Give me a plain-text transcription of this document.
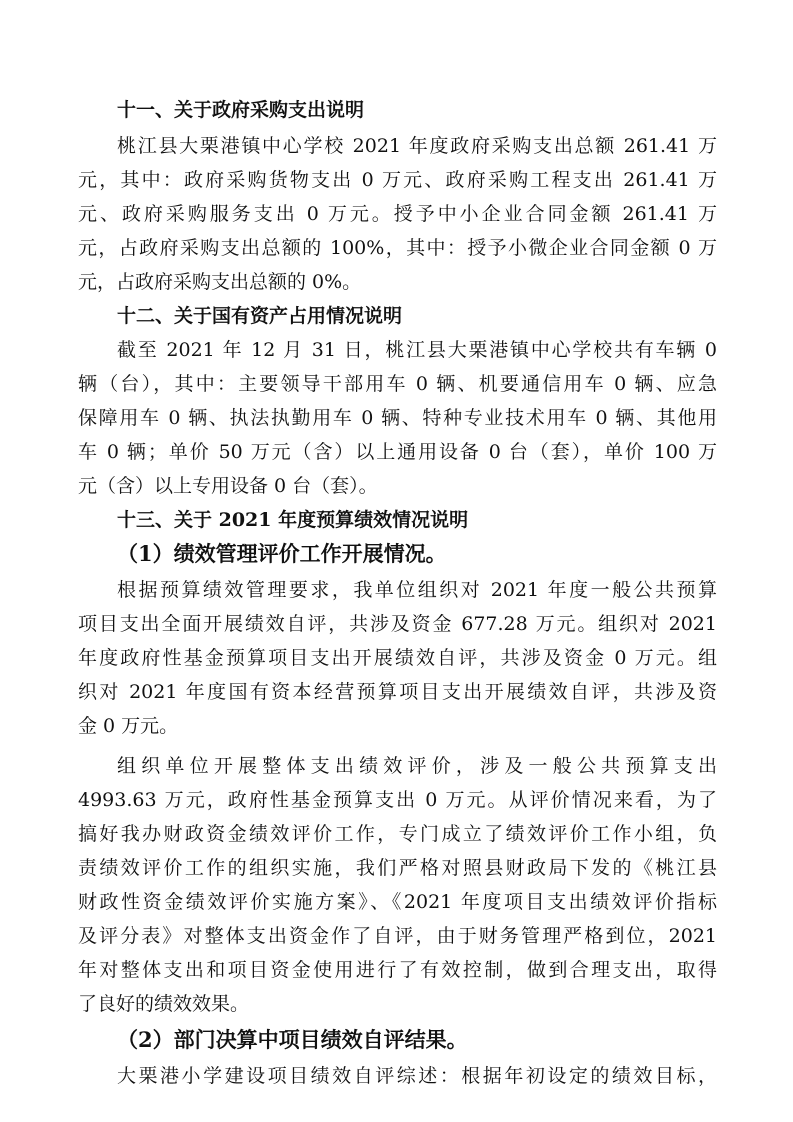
十一、关于政府采购支出说明
桃江县大栗港镇中心学校 2021 年度政府采购支出总额 261.41 万
元，其中：政府采购货物支出 0 万元、政府采购工程支出 261.41 万
元、政府采购服务支出 0 万元。授予中小企业合同金额 261.41 万
元，占政府采购支出总额的 100%，其中：授予小微企业合同金额 0 万
元，占政府采购支出总额的 0%。
十二、关于国有资产占用情况说明
截至 2021 年 12 月 31 日，桃江县大栗港镇中心学校共有车辆 0
辆（台），其中：主要领导干部用车 0 辆、机要通信用车 0 辆、应急
保障用车 0 辆、执法执勤用车 0 辆、特种专业技术用车 0 辆、其他用
车 0 辆；单价 50 万元（含）以上通用设备 0 台（套），单价 100 万
元（含）以上专用设备 0 台（套）。
十三、关于 2021 年度预算绩效情况说明
（1）绩效管理评价工作开展情况。
根据预算绩效管理要求，我单位组织对 2021 年度一般公共预算
项目支出全面开展绩效自评，共涉及资金 677.28 万元。组织对 2021
年度政府性基金预算项目支出开展绩效自评，共涉及资金 0 万元。组
织对 2021 年度国有资本经营预算项目支出开展绩效自评，共涉及资
金 0 万元。
组织单位开展整体支出绩效评价，涉及一般公共预算支出
4993.63 万元，政府性基金预算支出 0 万元。从评价情况来看，为了
搞好我办财政资金绩效评价工作，专门成立了绩效评价工作小组，负
责绩效评价工作的组织实施，我们严格对照县财政局下发的《桃江县
财政性资金绩效评价实施方案》、《2021 年度项目支出绩效评价指标
及评分表》对整体支出资金作了自评，由于财务管理严格到位，2021
年对整体支出和项目资金使用进行了有效控制，做到合理支出，取得
了良好的绩效效果。
（2）部门决算中项目绩效自评结果。
大栗港小学建设项目绩效自评综述：根据年初设定的绩效目标，
